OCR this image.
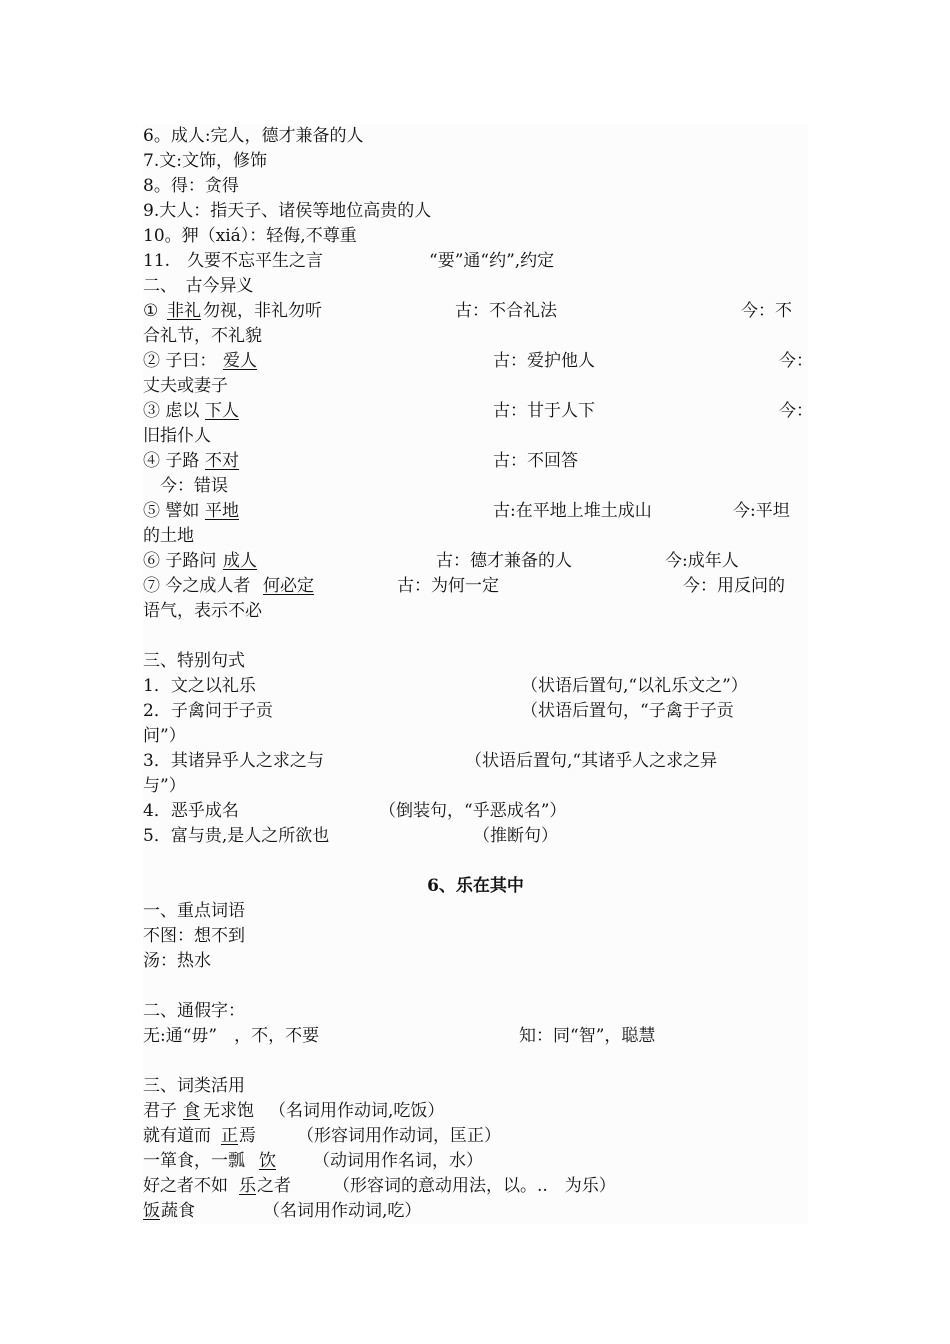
6。成人:完人，德才兼备的人
7.文:文饰，修饰
8。得：贪得
9.大人：指天子、诸侯等地位高贵的人
10。狎（xiá）：轻侮,不尊重
11.　久要不忘平生之言	“要”通“约”,约定
二、　古今异义
① 非礼 勿视，非礼勿听	古：不合礼法	今：不
合礼节，不礼貌
② 子曰： 爱人	古：爱护他人	今：
丈夫或妻子
③ 虑以 下人	古：甘于人下	今：
旧指仆人
④ 子路 不对	古：不回答
　今：错误
⑤ 譬如 平地	古:在平地上堆土成山	今:平坦
的土地
⑥ 子路问 成人	古：德才兼备的人	今:成年人
⑦ 今之成人者 何必定	古：为何一定	今：用反问的
语气，表示不必
三、特别句式
1．文之以礼乐	（状语后置句,“以礼乐文之”）
2．子禽问于子贡	（状语后置句，“子禽于子贡
问”）
3．其诸异乎人之求之与	（状语后置句,“其诸乎人之求之异
与”）
4．恶乎成名	（倒装句，“乎恶成名”）
5．富与贵,是人之所欲也	（推断句）
6、乐在其中
一、重点词语
不图：想不到
汤：热水
二、通假字：
无:通“毋”　，不，不要	知：同“智”，聪慧
三、词类活用
君子 食 无求饱 （名词用作动词,吃饭）
就有道而 正 焉 （形容词用作动词，匡正）
一箪食，一瓢 饮 （动词用作名词，水）
好之者不如 乐 之者 （形容词的意动用法，以。..　为乐）
饭 蔬食	（名词用作动词,吃）
